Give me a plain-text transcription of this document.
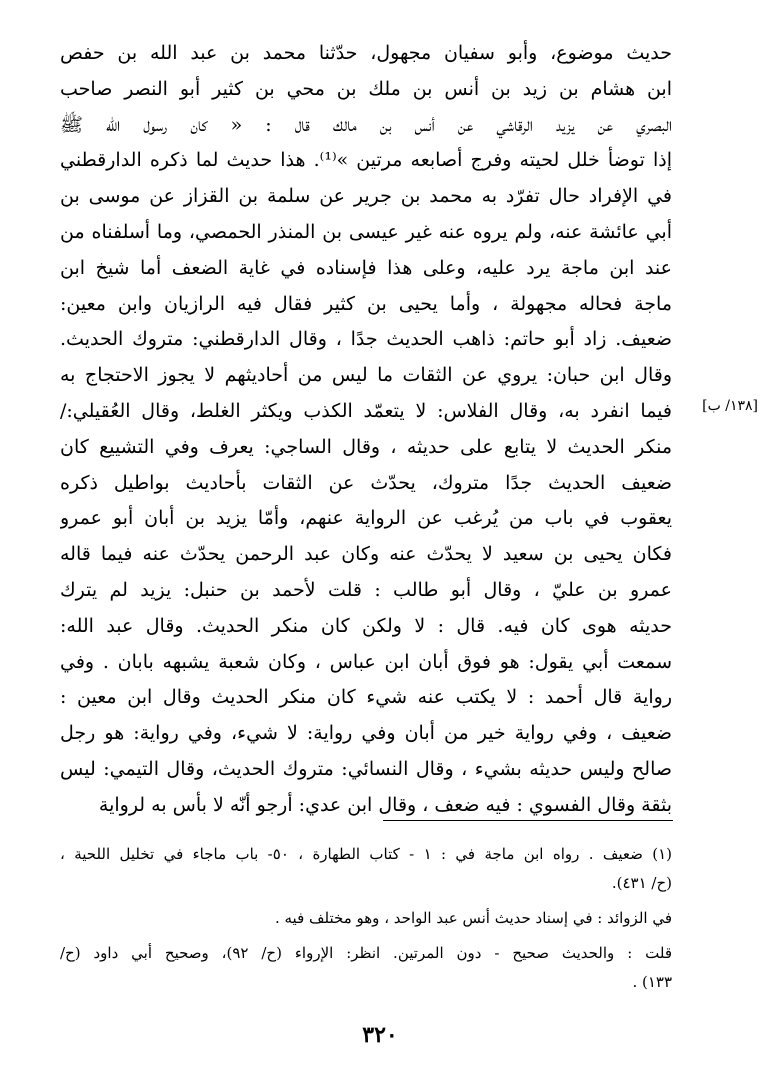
حديث موضوع، وأبو سفيان مجهول، حدّثنا محمد بن عبد الله بن حفص
ابن هشام بن زيد بن أنس بن ملك بن محي بن كثير أبو النصر صاحب
البصري عن يزيد الرقاشي عن أنس بن مالك قال : « كان رسول الله ﷺ
إذا توضأ خلل لحيته وفرج أصابعه مرتين »⁽¹⁾. هذا حديث لما ذكره الدارقطني
في الإفراد حال تفرّد به محمد بن جرير عن سلمة بن القزاز عن موسى بن
أبي عائشة عنه، ولم يروه عنه غير عيسى بن المنذر الحمصي، وما أسلفناه من
عند ابن ماجة يرد عليه، وعلى هذا فإسناده في غاية الضعف أما شيخ ابن
ماجة فحاله مجهولة ، وأما يحيى بن كثير فقال فيه الرازيان وابن معين:
ضعيف. زاد أبو حاتم: ذاهب الحديث جدًا ، وقال الدارقطني: متروك الحديث.
وقال ابن حبان: يروي عن الثقات ما ليس من أحاديثهم لا يجوز الاحتجاج به
فيما انفرد به، وقال الفلاس: لا يتعمّد الكذب ويكثر الغلط، وقال العُقيلي:/
منكر الحديث لا يتابع على حديثه ، وقال الساجي: يعرف وفي التشييع كان
ضعيف الحديث جدًا متروك، يحدّث عن الثقات بأحاديث بواطيل ذكره
يعقوب في باب من يُرغب عن الرواية عنهم، وأمّا يزيد بن أبان أبو عمرو
فكان يحيى بن سعيد لا يحدّث عنه وكان عبد الرحمن يحدّث عنه فيما قاله
عمرو بن عليّ ، وقال أبو طالب : قلت لأحمد بن حنبل: يزيد لم يترك
حديثه هوى كان فيه. قال : لا ولكن كان منكر الحديث. وقال عبد الله:
سمعت أبي يقول: هو فوق أبان ابن عباس ، وكان شعبة يشبهه بابان . وفي
رواية قال أحمد : لا يكتب عنه شيء كان منكر الحديث وقال ابن معين :
ضعيف ، وفي رواية خير من أبان وفي رواية: لا شيء، وفي رواية: هو رجل
صالح وليس حديثه بشيء ، وقال النسائي: متروك الحديث، وقال التيمي: ليس
بثقة وقال الفسوي : فيه ضعف ، وقال ابن عدي: أرجو أنّه لا بأس به لرواية
[١٣٨/ ب]
(١) ضعيف . رواه ابن ماجة في : ١ - كتاب الطهارة ، ٥٠- باب ماجاء في تخليل اللحية ،
(ح/ ٤٣١).
في الزوائد : في إسناد حديث أنس عبد الواحد ، وهو مختلف فيه .
قلت : والحديث صحيح - دون المرتين. انظر: الإرواء (ح/ ٩٢)، وصحيح أبي داود (ح/
١٣٣) .
٣٢٠
